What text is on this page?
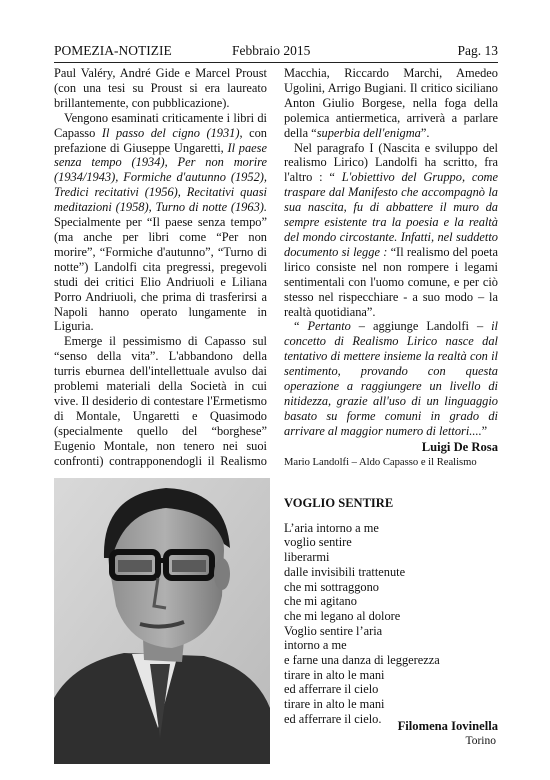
POMEZIA-NOTIZIE	Febbraio 2015	Pag. 13

Paul Valéry, André Gide e Marcel Proust (con una tesi su Proust si era laureato brillantemente, con pubblicazione).

Vengono esaminati criticamente i libri di Capasso Il passo del cigno (1931), con prefazione di Giuseppe Ungaretti, Il paese senza tempo (1934), Per non morire (1934/1943), Formiche d'autunno (1952), Tredici recitativi (1956), Recitativi quasi meditazioni (1958), Turno di notte (1963). Specialmente per “Il paese senza tempo” (ma anche per libri come “Per non morire”, “Formiche d'autunno”, “Turno di notte”) Landolfi cita pregressi, pregevoli studi dei critici Elio Andriuoli e Liliana Porro Andriuoli, che prima di trasferirsi a Napoli hanno operato lungamente in Liguria.

Emerge il pessimismo di Capasso sul “senso della vita”. L'abbandono della turris eburnea dell'intellettuale avulso dai problemi materiali della Società in cui vive. Il desiderio di contestare l'Ermetismo di Montale, Ungaretti e Quasimodo (specialmente quello del “borghese” Eugenio Montale, non tenero nei suoi confronti) contrapponendogli il Realismo

Macchia, Riccardo Marchi, Amedeo Ugolini, Arrigo Bugiani. Il critico siciliano Anton Giulio Borgese, nella foga della polemica antiermetica, arriverà a parlare della “superbia dell'enigma”.

Nel paragrafo I (Nascita e sviluppo del realismo Lirico) Landolfi ha scritto, fra l'altro : “ L'obiettivo del Gruppo, come traspare dal Manifesto che accompagnò la sua nascita, fu di abbattere il muro da sempre esistente tra la poesia e la realtà del mondo circostante. Infatti, nel suddetto documento si legge : “Il realismo del poeta lirico consiste nel non rompere i legami sentimentali con l'uomo comune, e per ciò stesso nel rispecchiare - a suo modo – la realtà quotidiana”.

“ Pertanto – aggiunge Landolfi – il concetto di Realismo Lirico nasce dal tentativo di mettere insieme la realtà con il sentimento, provando con questa operazione a raggiungere un livello di nitidezza, grazie all'uso di un linguaggio basato su forme comuni in grado di arrivare al maggior numero di lettori....”

Luigi De Rosa
Mario Landolfi – Aldo Capasso e il Realismo
VOGLIO SENTIRE
L’aria intorno a me
voglio sentire
liberarmi
dalle invisibili trattenute
che mi sottraggono
che mi agitano
che mi legano al dolore
Voglio sentire l’aria
intorno a me
e farne una danza di leggerezza
tirare in alto le mani
ed afferrare il cielo
tirare in alto le mani
ed afferrare il cielo.
Filomena Iovinella
Torino
